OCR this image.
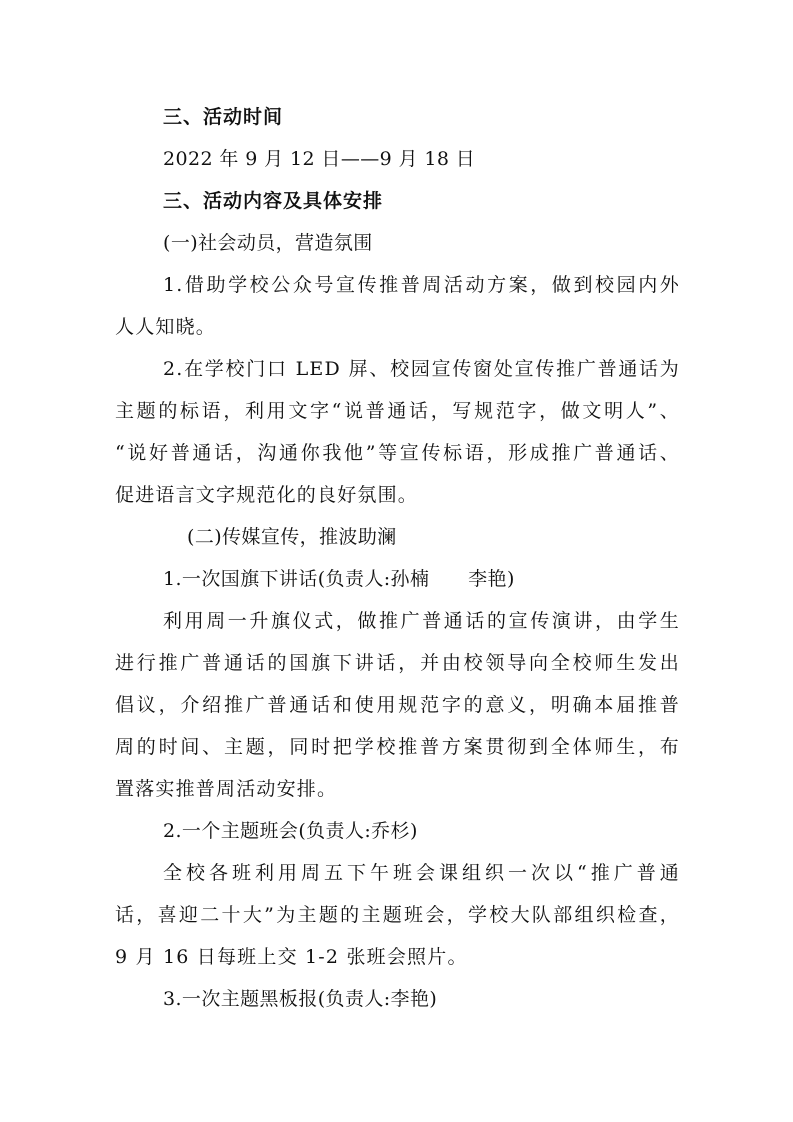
三、活动时间
2022 年 9 月 12 日——9 月 18 日
三、活动内容及具体安排
(一)社会动员，营造氛围
1.借助学校公众号宣传推普周活动方案，做到校园内外
人人知晓。
2.在学校门口 LED 屏、校园宣传窗处宣传推广普通话为
主题的标语，利用文字“说普通话，写规范字，做文明人”、
“说好普通话，沟通你我他”等宣传标语，形成推广普通话、
促进语言文字规范化的良好氛围。
(二)传媒宣传，推波助澜
1.一次国旗下讲话(负责人:孙楠　　李艳)
利用周一升旗仪式，做推广普通话的宣传演讲，由学生
进行推广普通话的国旗下讲话，并由校领导向全校师生发出
倡议，介绍推广普通话和使用规范字的意义，明确本届推普
周的时间、主题，同时把学校推普方案贯彻到全体师生，布
置落实推普周活动安排。
2.一个主题班会(负责人:乔杉)
全校各班利用周五下午班会课组织一次以“推广普通
话，喜迎二十大”为主题的主题班会，学校大队部组织检查，
9 月 16 日每班上交 1-2 张班会照片。
3.一次主题黑板报(负责人:李艳)
